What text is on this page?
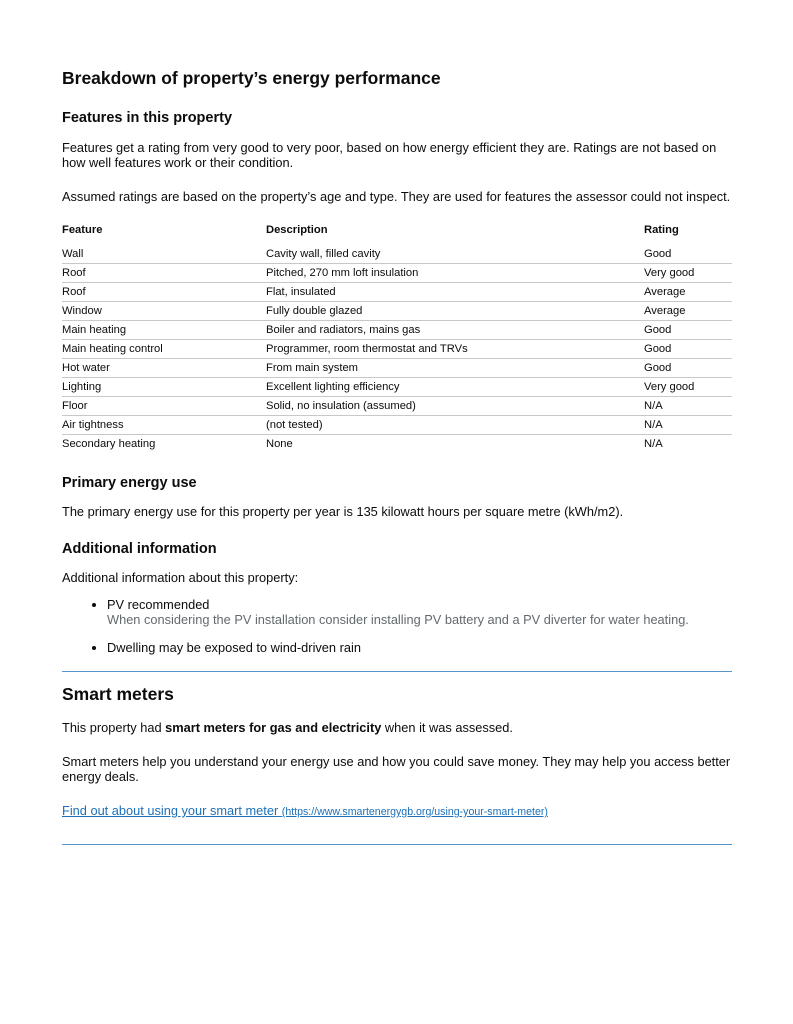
Breakdown of property’s energy performance
Features in this property

Features get a rating from very good to very poor, based on how energy efficient they are. Ratings are not based on how well features work or their condition.

Assumed ratings are based on the property’s age and type. They are used for features the assessor could not inspect.

Feature	Description	Rating
Wall	Cavity wall, filled cavity	Good
Roof	Pitched, 270 mm loft insulation	Very good
Roof	Flat, insulated	Average
Window	Fully double glazed	Average
Main heating	Boiler and radiators, mains gas	Good
Main heating control	Programmer, room thermostat and TRVs	Good
Hot water	From main system	Good
Lighting	Excellent lighting efficiency	Very good
Floor	Solid, no insulation (assumed)	N/A
Air tightness	(not tested)	N/A
Secondary heating	None	N/A
Primary energy use

The primary energy use for this property per year is 135 kilowatt hours per square metre (kWh/m2).

Additional information

Additional information about this property:

• PV recommended
When considering the PV installation consider installing PV battery and a PV diverter for water heating.
• Dwelling may be exposed to wind-driven rain
Smart meters

This property had smart meters for gas and electricity when it was assessed.

Smart meters help you understand your energy use and how you could save money. They may help you access better energy deals.

Find out about using your smart meter (https://www.smartenergygb.org/using-your-smart-meter)
